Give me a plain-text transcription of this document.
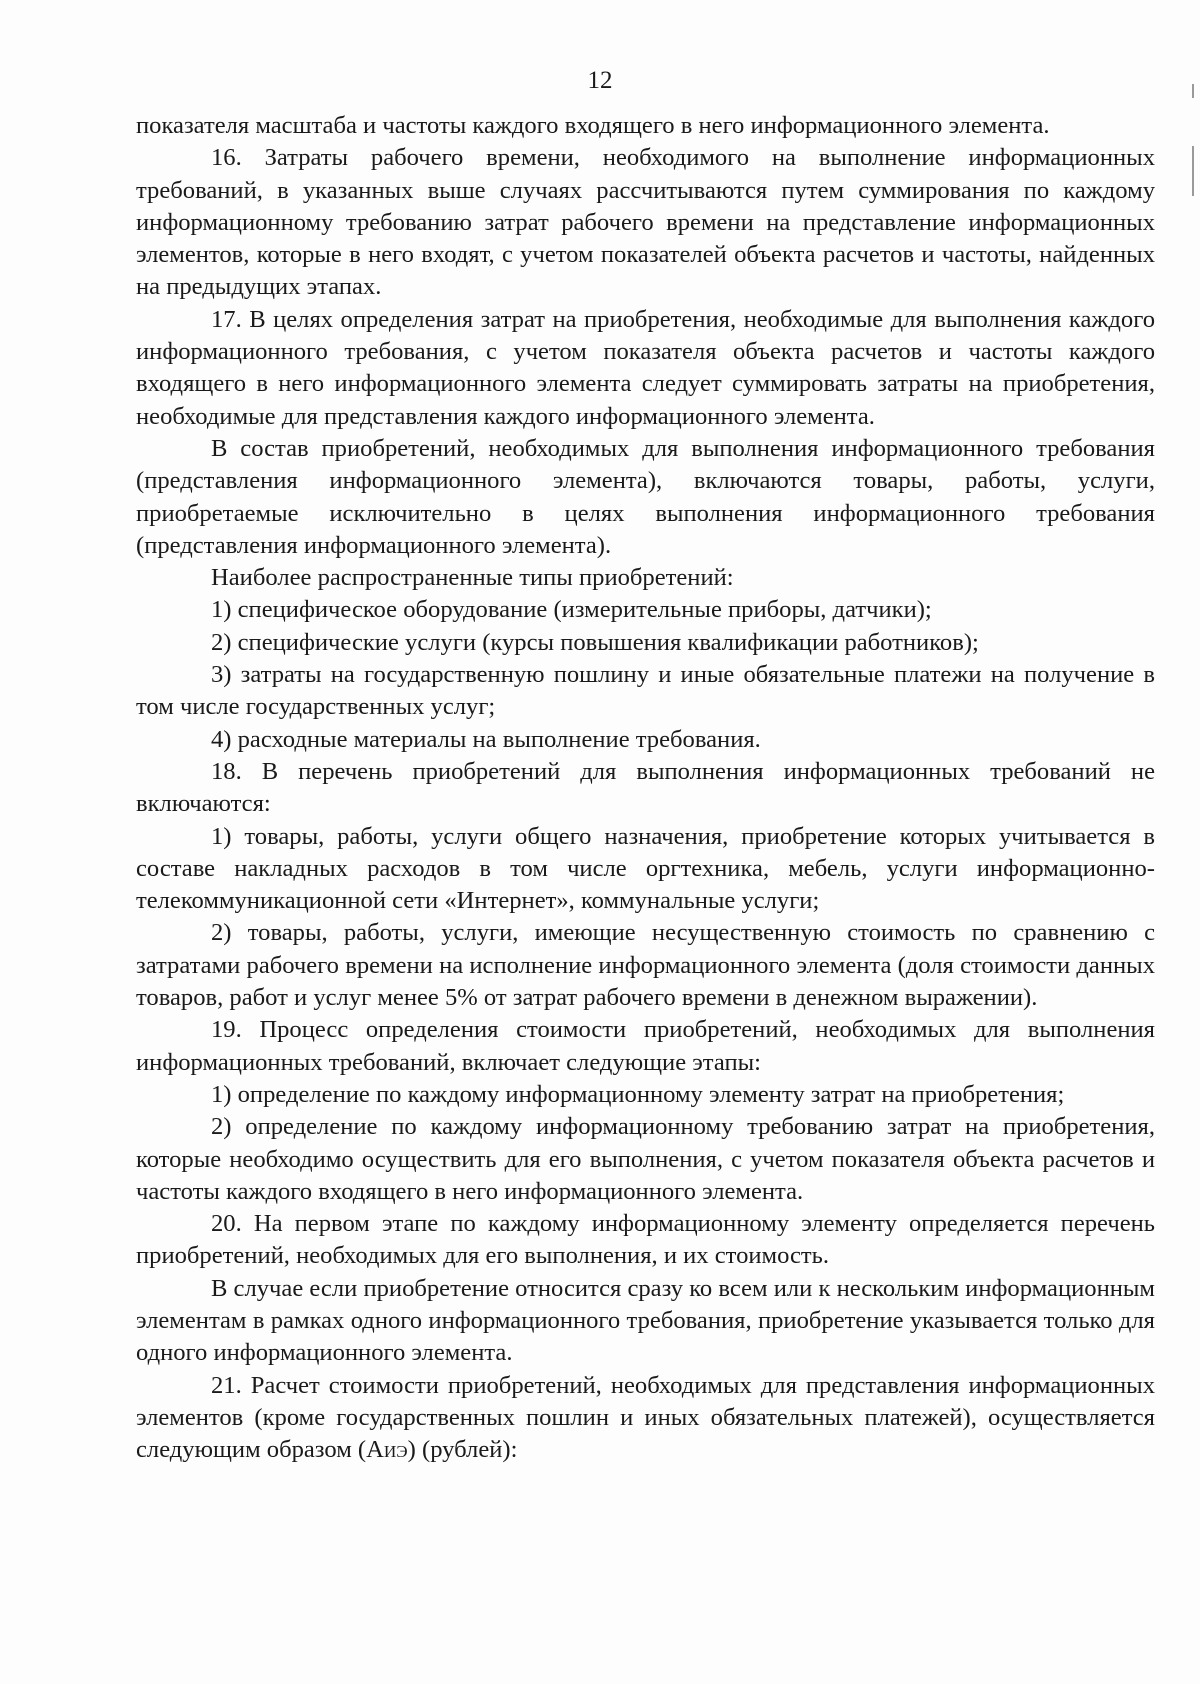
12

показателя масштаба и частоты каждого входящего в него информационного элемента.

16. Затраты рабочего времени, необходимого на выполнение информационных требований, в указанных выше случаях рассчитываются путем суммирования по каждому информационному требованию затрат рабочего времени на представление информационных элементов, которые в него входят, с учетом показателей объекта расчетов и частоты, найденных на предыдущих этапах.

17. В целях определения затрат на приобретения, необходимые для выполнения каждого информационного требования, с учетом показателя объекта расчетов и частоты каждого входящего в него информационного элемента следует суммировать затраты на приобретения, необходимые для представления каждого информационного элемента.

В состав приобретений, необходимых для выполнения информационного требования (представления информационного элемента), включаются товары, работы, услуги, приобретаемые исключительно в целях выполнения информационного требования (представления информационного элемента).

Наиболее распространенные типы приобретений:

1) специфическое оборудование (измерительные приборы, датчики);

2) специфические услуги (курсы повышения квалификации работников);

3) затраты на государственную пошлину и иные обязательные платежи на получение в том числе государственных услуг;

4) расходные материалы на выполнение требования.

18. В перечень приобретений для выполнения информационных требований не включаются:

1) товары, работы, услуги общего назначения, приобретение которых учитывается в составе накладных расходов в том числе оргтехника, мебель, услуги информационно-телекоммуникационной сети «Интернет», коммунальные услуги;

2) товары, работы, услуги, имеющие несущественную стоимость по сравнению с затратами рабочего времени на исполнение информационного элемента (доля стоимости данных товаров, работ и услуг менее 5% от затрат рабочего времени в денежном выражении).

19. Процесс определения стоимости приобретений, необходимых для выполнения информационных требований, включает следующие этапы:

1) определение по каждому информационному элементу затрат на приобретения;

2) определение по каждому информационному требованию затрат на приобретения, которые необходимо осуществить для его выполнения, с учетом показателя объекта расчетов и частоты каждого входящего в него информационного элемента.

20. На первом этапе по каждому информационному элементу определяется перечень приобретений, необходимых для его выполнения, и их стоимость.

В случае если приобретение относится сразу ко всем или к нескольким информационным элементам в рамках одного информационного требования, приобретение указывается только для одного информационного элемента.

21. Расчет стоимости приобретений, необходимых для представления информационных элементов (кроме государственных пошлин и иных обязательных платежей), осуществляется следующим образом (АИЭ) (рублей):
